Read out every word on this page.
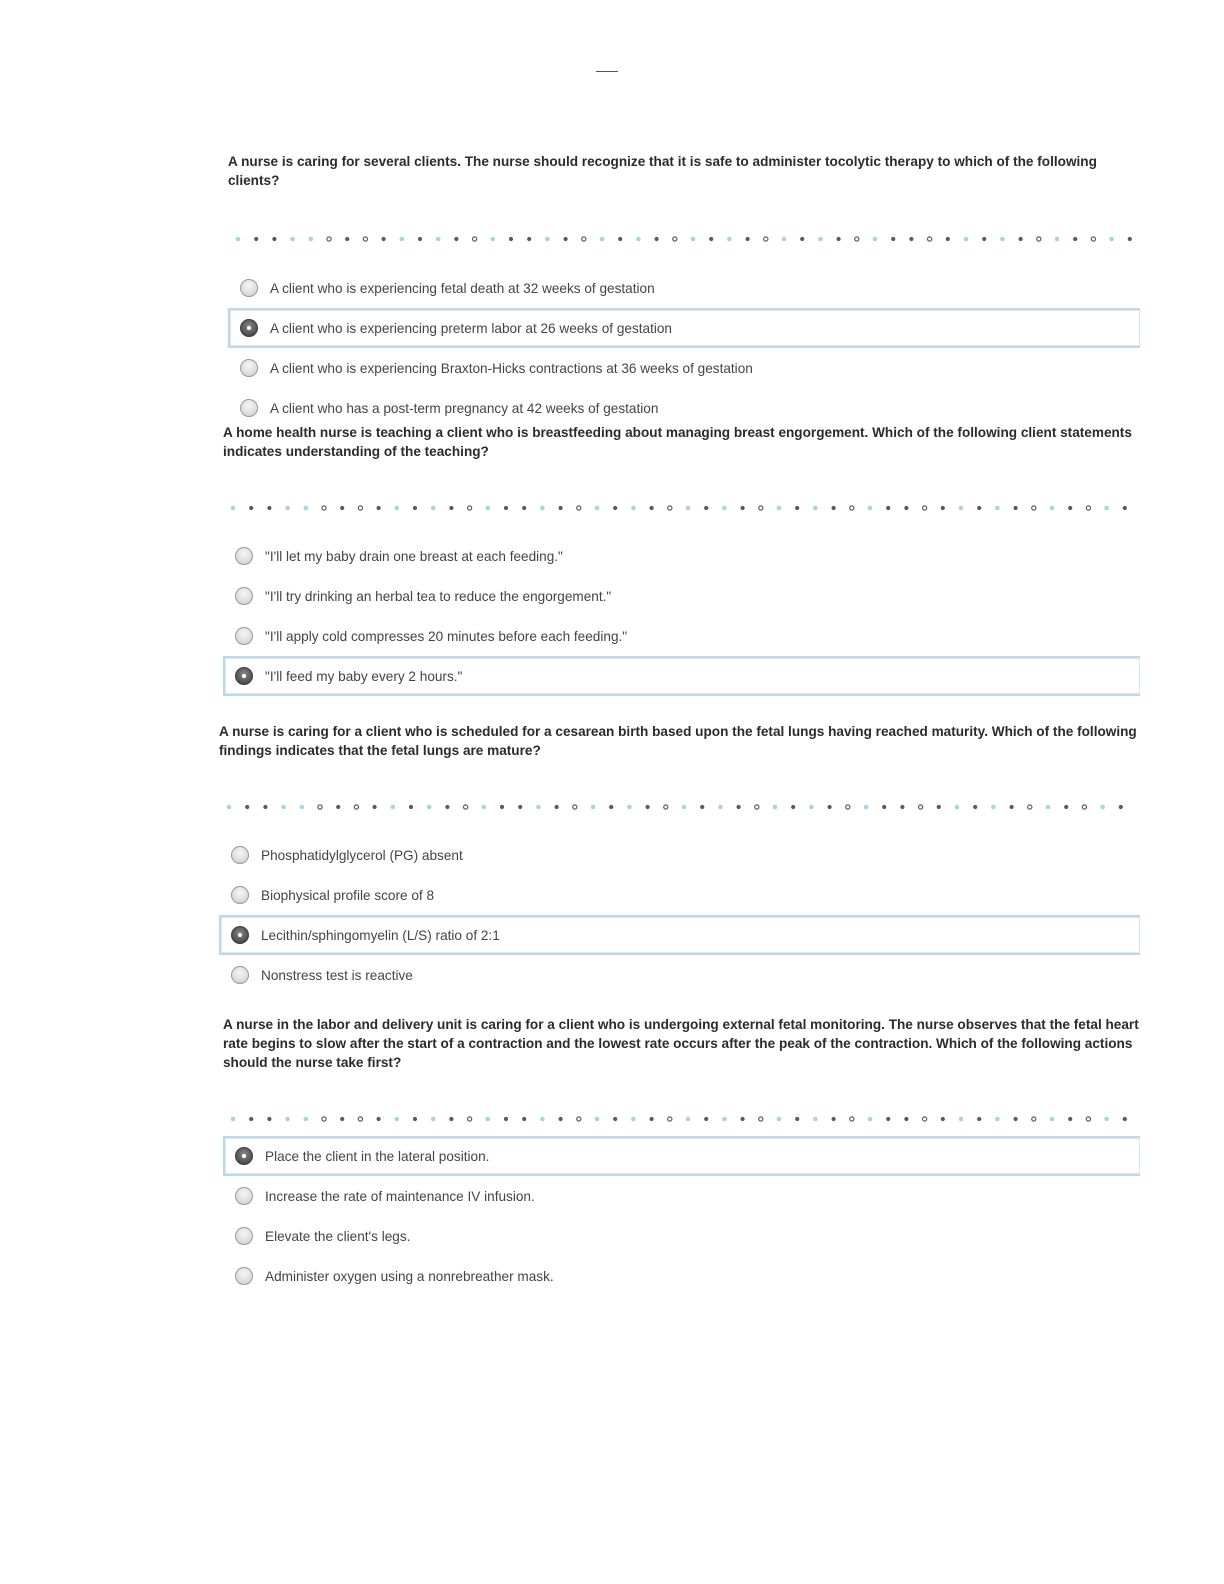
A nurse is caring for several clients. The nurse should recognize that it is safe to administer tocolytic therapy to which of the following clients?

A client who is experiencing fetal death at 32 weeks of gestation
A client who is experiencing preterm labor at 26 weeks of gestation
A client who is experiencing Braxton-Hicks contractions at 36 weeks of gestation
A client who has a post-term pregnancy at 42 weeks of gestation

A home health nurse is teaching a client who is breastfeeding about managing breast engorgement. Which of the following client statements indicates understanding of the teaching?

"I'll let my baby drain one breast at each feeding."
"I'll try drinking an herbal tea to reduce the engorgement."
"I'll apply cold compresses 20 minutes before each feeding."
"I'll feed my baby every 2 hours."

A nurse is caring for a client who is scheduled for a cesarean birth based upon the fetal lungs having reached maturity. Which of the following findings indicates that the fetal lungs are mature?

Phosphatidylglycerol (PG) absent
Biophysical profile score of 8
Lecithin/sphingomyelin (L/S) ratio of 2:1
Nonstress test is reactive

A nurse in the labor and delivery unit is caring for a client who is undergoing external fetal monitoring. The nurse observes that the fetal heart rate begins to slow after the start of a contraction and the lowest rate occurs after the peak of the contraction. Which of the following actions should the nurse take first?

Place the client in the lateral position.
Increase the rate of maintenance IV infusion.
Elevate the client's legs.
Administer oxygen using a nonrebreather mask.
